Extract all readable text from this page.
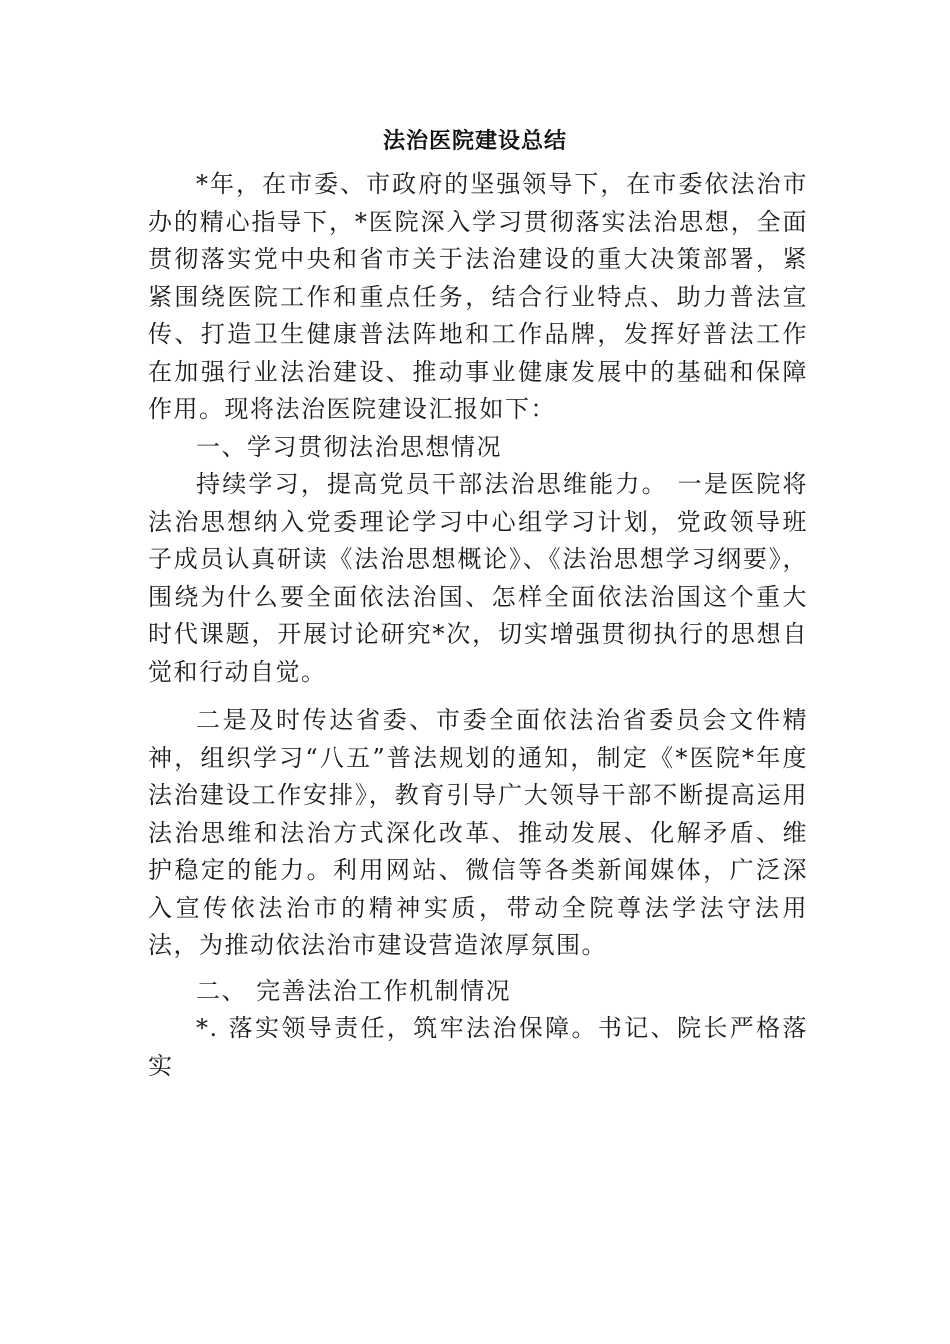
法治医院建设总结

*年，在市委、市政府的坚强领导下，在市委依法治市办的精心指导下，*医院深入学习贯彻落实法治思想，全面贯彻落实党中央和省市关于法治建设的重大决策部署，紧紧围绕医院工作和重点任务，结合行业特点、助力普法宣传、打造卫生健康普法阵地和工作品牌，发挥好普法工作在加强行业法治建设、推动事业健康发展中的基础和保障作用。现将法治医院建设汇报如下：

一、学习贯彻法治思想情况

持续学习，提高党员干部法治思维能力。 一是医院将法治思想纳入党委理论学习中心组学习计划，党政领导班子成员认真研读《法治思想概论》、《法治思想学习纲要》，围绕为什么要全面依法治国、怎样全面依法治国这个重大时代课题，开展讨论研究*次，切实增强贯彻执行的思想自觉和行动自觉。

二是及时传达省委、市委全面依法治省委员会文件精神，组织学习“八五”普法规划的通知，制定《*医院*年度法治建设工作安排》，教育引导广大领导干部不断提高运用法治思维和法治方式深化改革、推动发展、化解矛盾、维护稳定的能力。利用网站、微信等各类新闻媒体，广泛深入宣传依法治市的精神实质，带动全院尊法学法守法用法，为推动依法治市建设营造浓厚氛围。

二、 完善法治工作机制情况

*. 落实领导责任，筑牢法治保障。书记、院长严格落实
